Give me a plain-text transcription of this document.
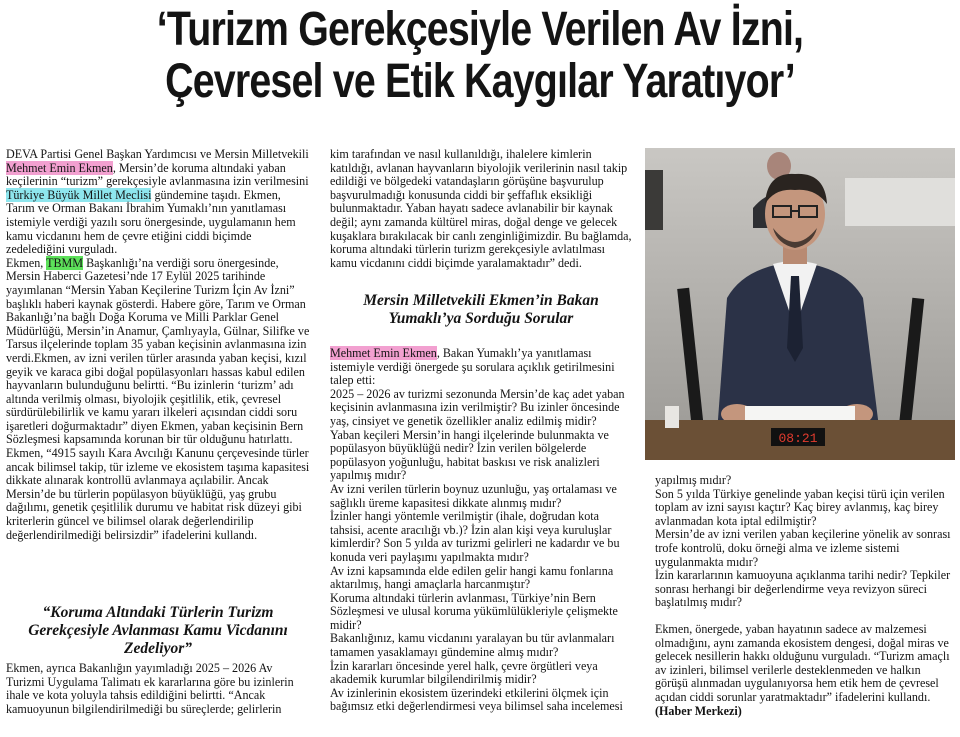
‘Turizm Gerekçesiyle Verilen Av İzni,
Çevresel ve Etik Kaygılar Yaratıyor’

DEVA Partisi Genel Başkan Yardımcısı ve Mersin Milletvekili Mehmet Emin Ekmen, Mersin’de koruma altındaki yaban keçilerinin “turizm” gerekçesiyle avlanmasına izin verilmesini Türkiye Büyük Millet Meclisi gündemine taşıdı. Ekmen, Tarım ve Orman Bakanı İbrahim Yumaklı’nın yanıtlaması istemiyle verdiği yazılı soru önergesinde, uygulamanın hem kamu vicdanını hem de çevre etiğini ciddi biçimde zedelediğini vurguladı.

Ekmen, TBMM Başkanlığı’na verdiği soru önergesinde, Mersin Haberci Gazetesi’nde 17 Eylül 2025 tarihinde yayımlanan “Mersin Yaban Keçilerine Turizm İçin Av İzni” başlıklı haberi kaynak gösterdi. Habere göre, Tarım ve Orman Bakanlığı’na bağlı Doğa Koruma ve Milli Parklar Genel Müdürlüğü, Mersin’in Anamur, Çamlıyayla, Gülnar, Silifke ve Tarsus ilçelerinde toplam 35 yaban keçisinin avlanmasına izin verdi.Ekmen, av izni verilen türler arasında yaban keçisi, kızıl geyik ve karaca gibi doğal popülasyonları hassas kabul edilen hayvanların bulunduğunu belirtti. “Bu izinlerin ‘turizm’ adı altında verilmiş olması, biyolojik çeşitlilik, etik, çevresel sürdürülebilirlik ve kamu yararı ilkeleri açısından ciddi soru işaretleri doğurmaktadır” diyen Ekmen, yaban keçisinin Bern Sözleşmesi kapsamında korunan bir tür olduğunu hatırlattı.

Ekmen, “4915 sayılı Kara Avcılığı Kanunu çerçevesinde türler ancak bilimsel takip, tür izleme ve ekosistem taşıma kapasitesi dikkate alınarak kontrollü avlanmaya açılabilir. Ancak Mersin’de bu türlerin popülasyon büyüklüğü, yaş grubu dağılımı, genetik çeşitlilik durumu ve habitat risk düzeyi gibi kriterlerin güncel ve bilimsel olarak değerlendirilip değerlendirilmediği belirsizdir” ifadelerini kullandı.

“Koruma Altındaki Türlerin Turizm Gerekçesiyle Avlanması Kamu Vicdanını Zedeliyor”

Ekmen, ayrıca Bakanlığın yayımladığı 2025 – 2026 Av Turizmi Uygulama Talimatı ek kararlarına göre bu izinlerin ihale ve kota yoluyla tahsis edildiğini belirtti. “Ancak kamuoyunun bilgilendirilmediği bu süreçlerde; gelirlerin

kim tarafından ve nasıl kullanıldığı, ihalelere kimlerin katıldığı, avlanan hayvanların biyolojik verilerinin nasıl takip edildiği ve bölgedeki vatandaşların görüşüne başvurulup başvurulmadığı konusunda ciddi bir şeffaflık eksikliği bulunmaktadır. Yaban hayatı sadece avlanabilir bir kaynak değil; aynı zamanda kültürel miras, doğal denge ve gelecek kuşaklara bırakılacak bir canlı zenginliğimizdir. Bu bağlamda, koruma altındaki türlerin turizm gerekçesiyle avlatılması kamu vicdanını ciddi biçimde yaralamaktadır” dedi.

Mersin Milletvekili Ekmen’in Bakan Yumaklı’ya Sorduğu Sorular

Mehmet Emin Ekmen, Bakan Yumaklı’ya yanıtlaması istemiyle verdiği önergede şu sorulara açıklık getirilmesini talep etti:

2025 – 2026 av turizmi sezonunda Mersin’de kaç adet yaban keçisinin avlanmasına izin verilmiştir? Bu izinler öncesinde yaş, cinsiyet ve genetik özellikler analiz edilmiş midir?

Yaban keçileri Mersin’in hangi ilçelerinde bulunmakta ve popülasyon büyüklüğü nedir? İzin verilen bölgelerde popülasyon yoğunluğu, habitat baskısı ve risk analizleri yapılmış mıdır?

Av izni verilen türlerin boynuz uzunluğu, yaş ortalaması ve sağlıklı üreme kapasitesi dikkate alınmış mıdır?

İzinler hangi yöntemle verilmiştir (ihale, doğrudan kota tahsisi, acente aracılığı vb.)? İzin alan kişi veya kuruluşlar kimlerdir? Son 5 yılda av turizmi gelirleri ne kadardır ve bu konuda veri paylaşımı yapılmakta mıdır?

Av izni kapsamında elde edilen gelir hangi kamu fonlarına aktarılmış, hangi amaçlarla harcanmıştır?

Koruma altındaki türlerin avlanması, Türkiye’nin Bern Sözleşmesi ve ulusal koruma yükümlülükleriyle çelişmekte midir?

Bakanlığınız, kamu vicdanını yaralayan bu tür avlanmaları tamamen yasaklamayı gündemine almış mıdır?

İzin kararları öncesinde yerel halk, çevre örgütleri veya akademik kurumlar bilgilendirilmiş midir?

Av izinlerinin ekosistem üzerindeki etkilerini ölçmek için bağımsız etki değerlendirmesi veya bilimsel saha incelemesi

08:21

yapılmış mıdır?

Son 5 yılda Türkiye genelinde yaban keçisi türü için verilen toplam av izni sayısı kaçtır? Kaç birey avlanmış, kaç birey avlanmadan kota iptal edilmiştir?

Mersin’de av izni verilen yaban keçilerine yönelik av sonrası trofe kontrolü, doku örneği alma ve izleme sistemi uygulanmakta mıdır?

İzin kararlarının kamuoyuna açıklanma tarihi nedir? Tepkiler sonrası herhangi bir değerlendirme veya revizyon süreci başlatılmış mıdır?

Ekmen, önergede, yaban hayatının sadece av malzemesi olmadığını, aynı zamanda ekosistem dengesi, doğal miras ve gelecek nesillerin hakkı olduğunu vurguladı. “Turizm amaçlı av izinleri, bilimsel verilerle desteklenmeden ve halkın görüşü alınmadan uygulanıyorsa hem etik hem de çevresel açıdan ciddi sorunlar yaratmaktadır” ifadelerini kullandı. (Haber Merkezi)
